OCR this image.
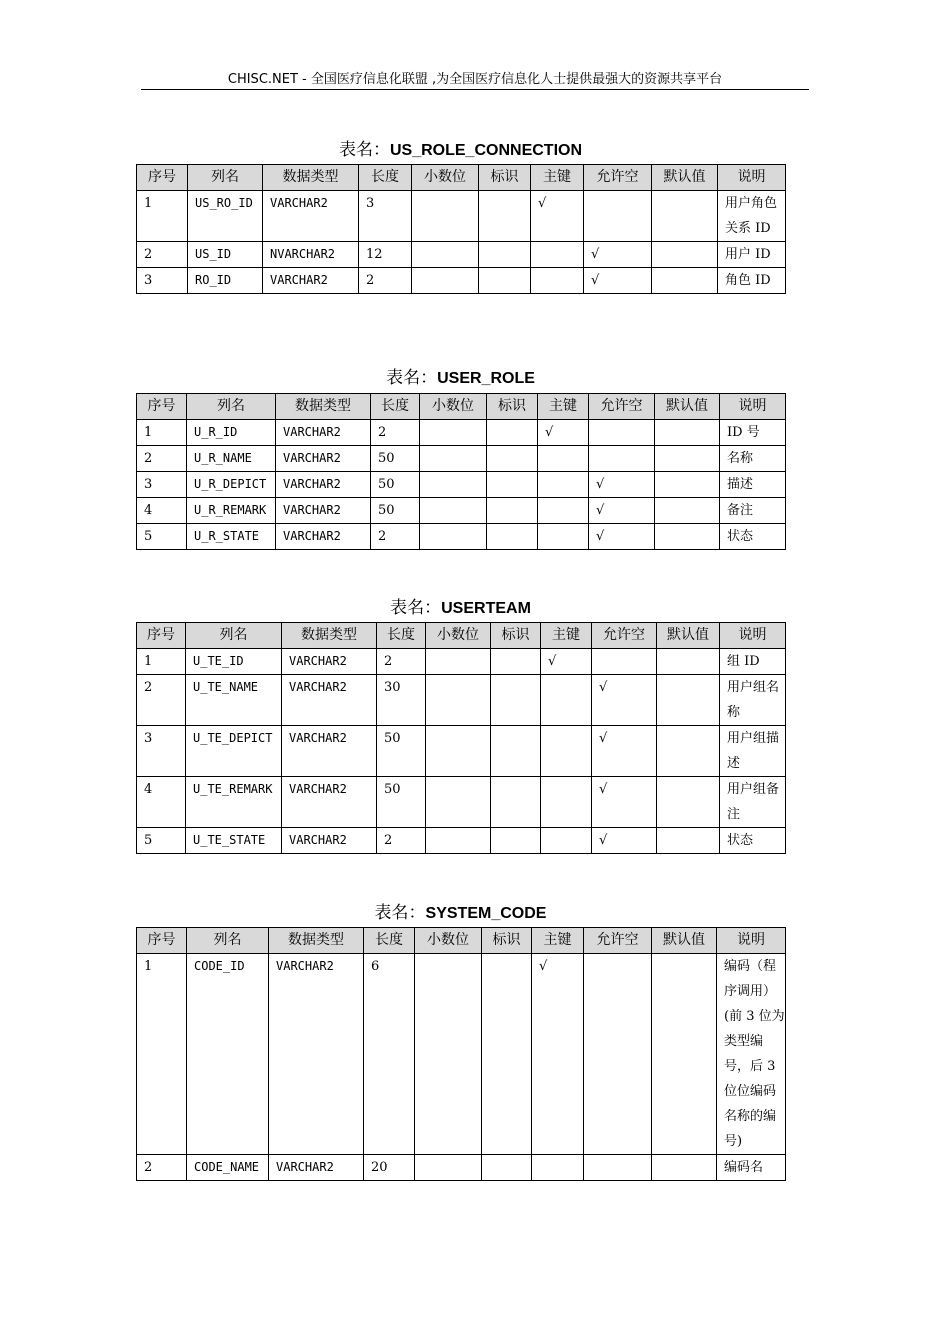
CHISC.NET - 全国医疗信息化联盟 ,为全国医疗信息化人士提供最强大的资源共享平台
表名：US_ROLE_CONNECTION
序号	列名	数据类型	长度	小数位	标识	主键	允许空	默认值	说明
1	US_RO_ID	VARCHAR2	3			√			用户角色关系 ID
2	US_ID	NVARCHAR2	12				√		用户 ID
3	RO_ID	VARCHAR2	2				√		角色 ID
表名：USER_ROLE
序号	列名	数据类型	长度	小数位	标识	主键	允许空	默认值	说明
1	U_R_ID	VARCHAR2	2			√			ID 号
2	U_R_NAME	VARCHAR2	50						名称
3	U_R_DEPICT	VARCHAR2	50				√		描述
4	U_R_REMARK	VARCHAR2	50				√		备注
5	U_R_STATE	VARCHAR2	2				√		状态
表名：USERTEAM
序号	列名	数据类型	长度	小数位	标识	主键	允许空	默认值	说明
1	U_TE_ID	VARCHAR2	2			√			组 ID
2	U_TE_NAME	VARCHAR2	30				√		用户组名称
3	U_TE_DEPICT	VARCHAR2	50				√		用户组描述
4	U_TE_REMARK	VARCHAR2	50				√		用户组备注
5	U_TE_STATE	VARCHAR2	2				√		状态
表名：SYSTEM_CODE
序号	列名	数据类型	长度	小数位	标识	主键	允许空	默认值	说明
1	CODE_ID	VARCHAR2	6			√			编码（程序调用）(前 3 位为类型编号，后 3 位位编码名称的编号)
2	CODE_NAME	VARCHAR2	20						编码名
